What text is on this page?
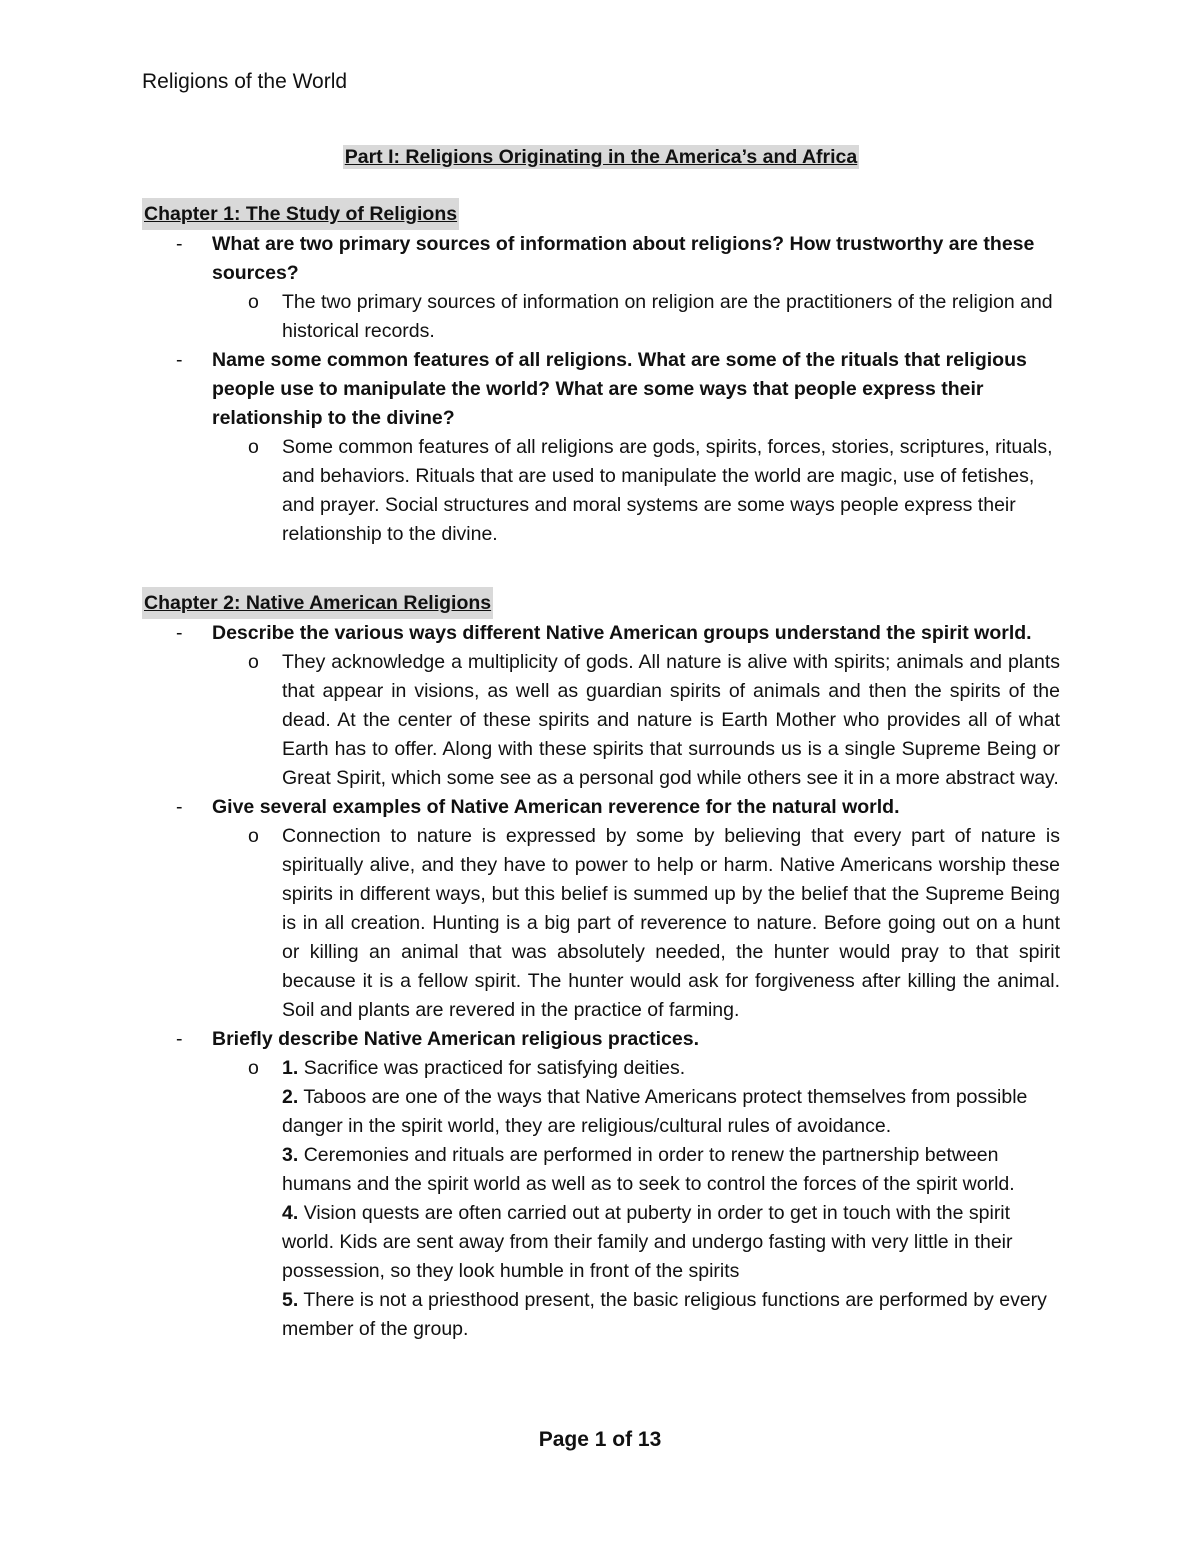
Religions of the World
Part I: Religions Originating in the America’s and Africa
Chapter 1: The Study of Religions
- What are two primary sources of information about religions? How trustworthy are these sources?
o The two primary sources of information on religion are the practitioners of the religion and historical records.
- Name some common features of all religions. What are some of the rituals that religious people use to manipulate the world? What are some ways that people express their relationship to the divine?
o Some common features of all religions are gods, spirits, forces, stories, scriptures, rituals, and behaviors. Rituals that are used to manipulate the world are magic, use of fetishes, and prayer. Social structures and moral systems are some ways people express their relationship to the divine.
Chapter 2: Native American Religions
- Describe the various ways different Native American groups understand the spirit world.
o They acknowledge a multiplicity of gods. All nature is alive with spirits; animals and plants that appear in visions, as well as guardian spirits of animals and then the spirits of the dead. At the center of these spirits and nature is Earth Mother who provides all of what Earth has to offer. Along with these spirits that surrounds us is a single Supreme Being or Great Spirit, which some see as a personal god while others see it in a more abstract way.
- Give several examples of Native American reverence for the natural world.
o Connection to nature is expressed by some by believing that every part of nature is spiritually alive, and they have to power to help or harm. Native Americans worship these spirits in different ways, but this belief is summed up by the belief that the Supreme Being is in all creation. Hunting is a big part of reverence to nature. Before going out on a hunt or killing an animal that was absolutely needed, the hunter would pray to that spirit because it is a fellow spirit. The hunter would ask for forgiveness after killing the animal. Soil and plants are revered in the practice of farming.
- Briefly describe Native American religious practices.
o 1. Sacrifice was practiced for satisfying deities.
2. Taboos are one of the ways that Native Americans protect themselves from possible danger in the spirit world, they are religious/cultural rules of avoidance.
3. Ceremonies and rituals are performed in order to renew the partnership between humans and the spirit world as well as to seek to control the forces of the spirit world.
4. Vision quests are often carried out at puberty in order to get in touch with the spirit world. Kids are sent away from their family and undergo fasting with very little in their possession, so they look humble in front of the spirits
5. There is not a priesthood present, the basic religious functions are performed by every member of the group.
Page 1 of 13
